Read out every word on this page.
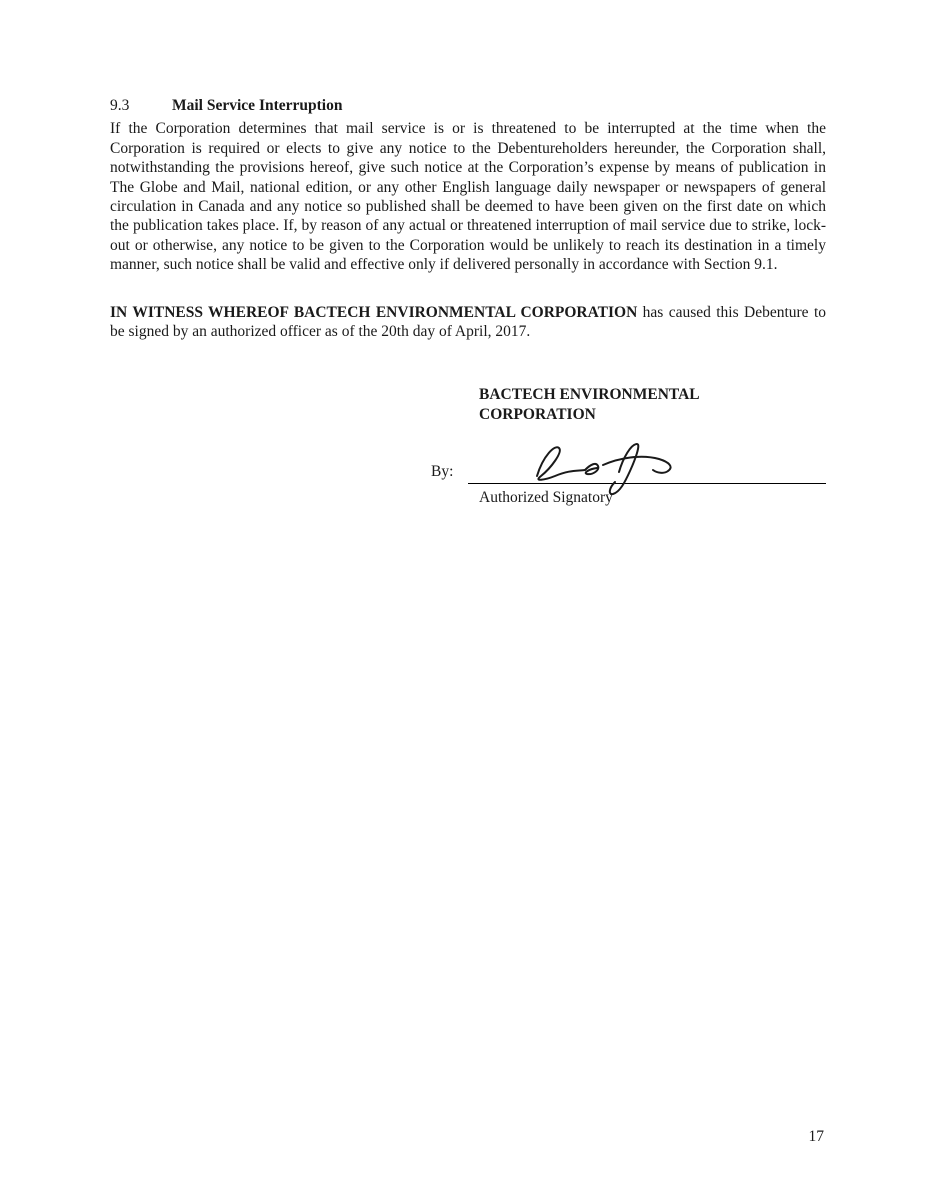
9.3	Mail Service Interruption

If the Corporation determines that mail service is or is threatened to be interrupted at the time when the Corporation is required or elects to give any notice to the Debentureholders hereunder, the Corporation shall, notwithstanding the provisions hereof, give such notice at the Corporation’s expense by means of publication in The Globe and Mail, national edition, or any other English language daily newspaper or newspapers of general circulation in Canada and any notice so published shall be deemed to have been given on the first date on which the publication takes place. If, by reason of any actual or threatened interruption of mail service due to strike, lock-out or otherwise, any notice to be given to the Corporation would be unlikely to reach its destination in a timely manner, such notice shall be valid and effective only if delivered personally in accordance with Section 9.1.

IN WITNESS WHEREOF BACTECH ENVIRONMENTAL CORPORATION has caused this Debenture to be signed by an authorized officer as of the 20th day of April, 2017.

BACTECH ENVIRONMENTAL
CORPORATION
By:
Authorized Signatory
17
